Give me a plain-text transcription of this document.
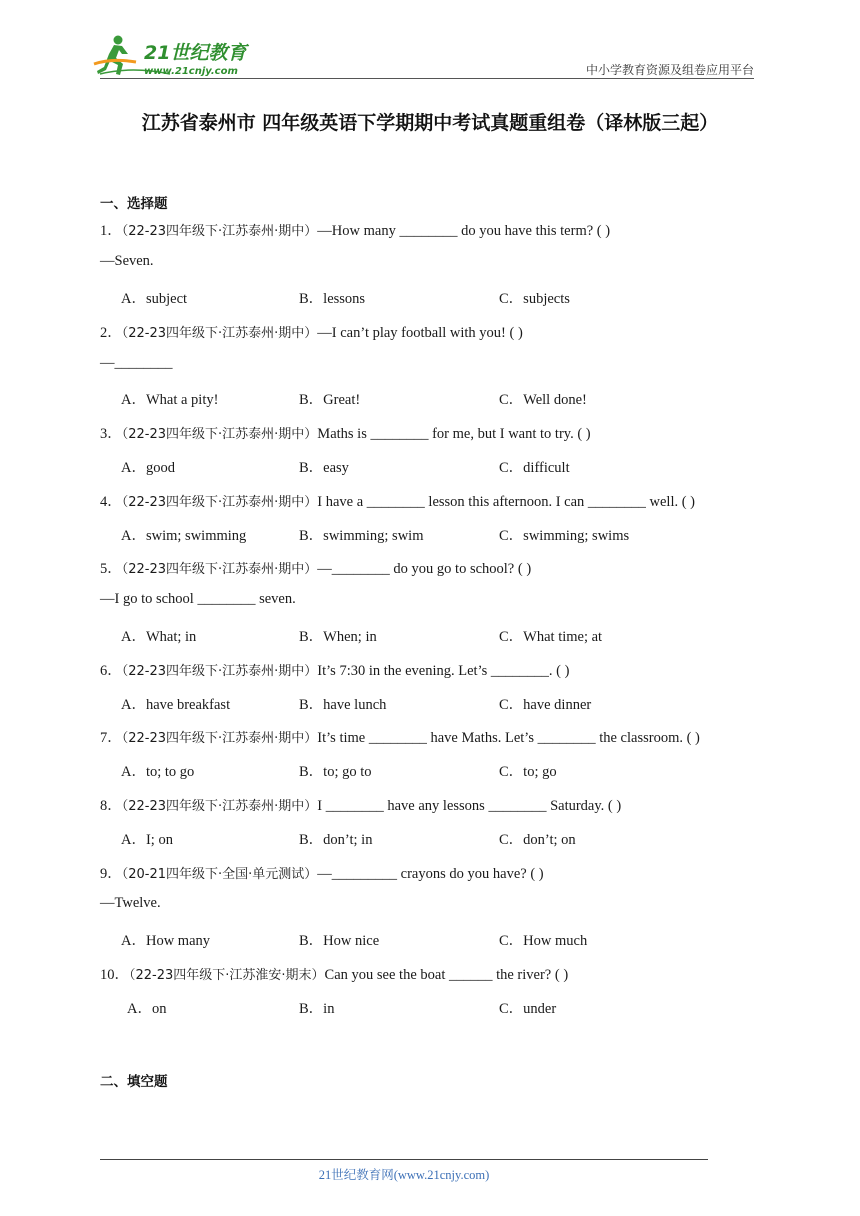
21世纪教育
www.21cnjy.com	中小学教育资源及组卷应用平台
江苏省泰州市 四年级英语下学期期中考试真题重组卷（译林版三起）
一、选择题
1．（22-23四年级下·江苏泰州·期中）—How many ________ do you have this term? ( )
—Seven.
A．subject	B．lessons	C．subjects
2．（22-23四年级下·江苏泰州·期中）—I can’t play football with you! ( )
—________
A．What a pity!	B．Great!	C．Well done!
3．（22-23四年级下·江苏泰州·期中）Maths is ________ for me, but I want to try. ( )
A．good	B．easy	C．difficult
4．（22-23四年级下·江苏泰州·期中）I have a ________ lesson this afternoon. I can ________ well. ( )
A．swim; swimming	B．swimming; swim	C．swimming; swims
5．（22-23四年级下·江苏泰州·期中）—________ do you go to school? ( )
—I go to school ________ seven.
A．What; in	B．When; in	C．What time; at
6．（22-23四年级下·江苏泰州·期中）It’s 7:30 in the evening. Let’s ________. ( )
A．have breakfast	B．have lunch	C．have dinner
7．（22-23四年级下·江苏泰州·期中）It’s time ________ have Maths. Let’s ________ the classroom. ( )
A．to; to go	B．to; go to	C．to; go
8．（22-23四年级下·江苏泰州·期中）I ________ have any lessons ________ Saturday. ( )
A．I; on	B．don’t; in	C．don’t; on
9．（20-21四年级下·全国·单元测试）—_________ crayons do you have? ( )
—Twelve.
A．How many	B．How nice	C．How much
10．（22-23四年级下·江苏淮安·期末）Can you see the boat ______ the river? ( )
A．on	B．in	C．under
二、填空题
21世纪教育网(www.21cnjy.com)
